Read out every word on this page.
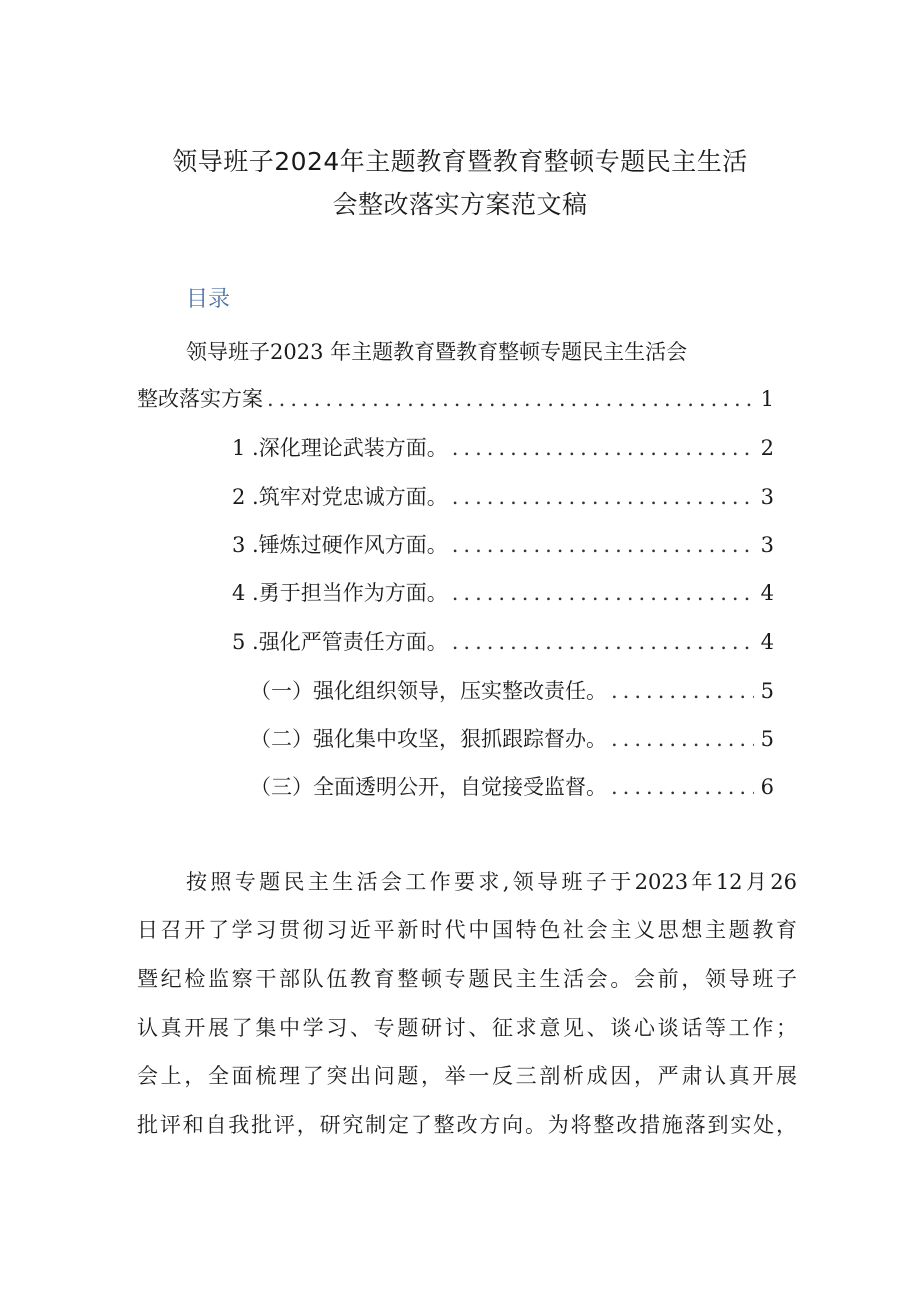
领导班子2024年主题教育暨教育整顿专题民主生活
会整改落实方案范文稿
目录
领导班子2023 年主题教育暨教育整顿专题民主生活会
整改落实方案 .....	1
1 .深化理论武装方面。 .....	2
2 .筑牢对党忠诚方面。 .....	3
3 .锤炼过硬作风方面。 .....	3
4 .勇于担当作为方面。 .....	4
5 .强化严管责任方面。 .....	4
（一）强化组织领导，压实整改责任。 .....	5
（二）强化集中攻坚，狠抓跟踪督办。 .....	5
（三）全面透明公开，自觉接受监督。 .....	6
按照专题民主生活会工作要求,领导班子于2023年12月26
日召开了学习贯彻习近平新时代中国特色社会主义思想主题教育
暨纪检监察干部队伍教育整顿专题民主生活会。会前，领导班子
认真开展了集中学习、专题研讨、征求意见、谈心谈话等工作；
会上，全面梳理了突出问题，举一反三剖析成因，严肃认真开展
批评和自我批评，研究制定了整改方向。为将整改措施落到实处，
